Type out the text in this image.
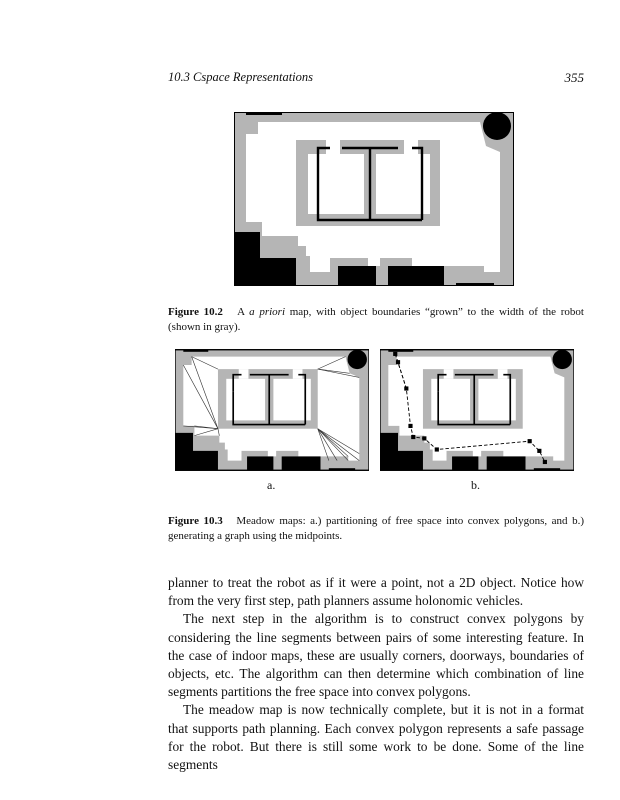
10.3 Cspace Representations	355
Figure 10.2 A a priori map, with object boundaries “grown” to the width of the robot (shown in gray).
a.	b.
Figure 10.3 Meadow maps: a.) partitioning of free space into convex polygons, and b.) generating a graph using the midpoints.

planner to treat the robot as if it were a point, not a 2D object. Notice how from the very first step, path planners assume holonomic vehicles.

The next step in the algorithm is to construct convex polygons by considering the line segments between pairs of some interesting feature. In the case of indoor maps, these are usually corners, doorways, boundaries of objects, etc. The algorithm can then determine which combination of line segments partitions the free space into convex polygons.

The meadow map is now technically complete, but it is not in a format that supports path planning. Each convex polygon represents a safe passage for the robot. But there is still some work to be done. Some of the line segments
